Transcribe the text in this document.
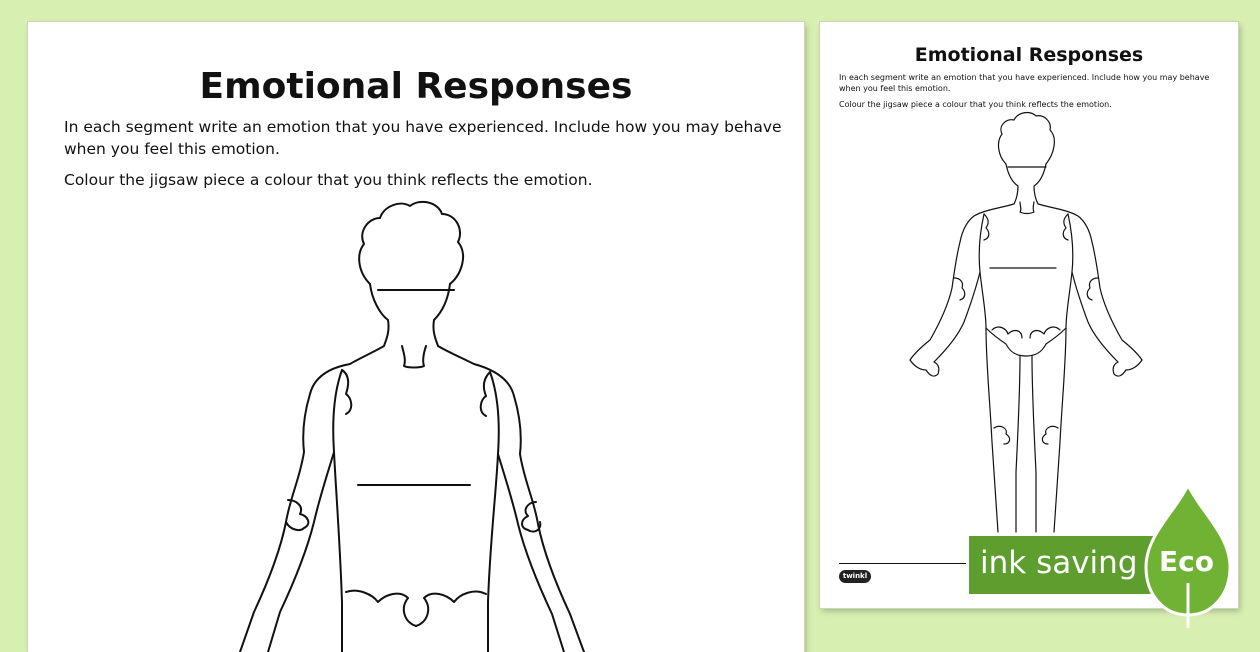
Emotional Responses
In each segment write an emotion that you have experienced. Include how you may behave when you feel this emotion.
Colour the jigsaw piece a colour that you think reflects the emotion.
Emotional Responses
In each segment write an emotion that you have experienced. Include how you may behave when you feel this emotion.
Colour the jigsaw piece a colour that you think reflects the emotion.
twinkl	ink saving Eco
